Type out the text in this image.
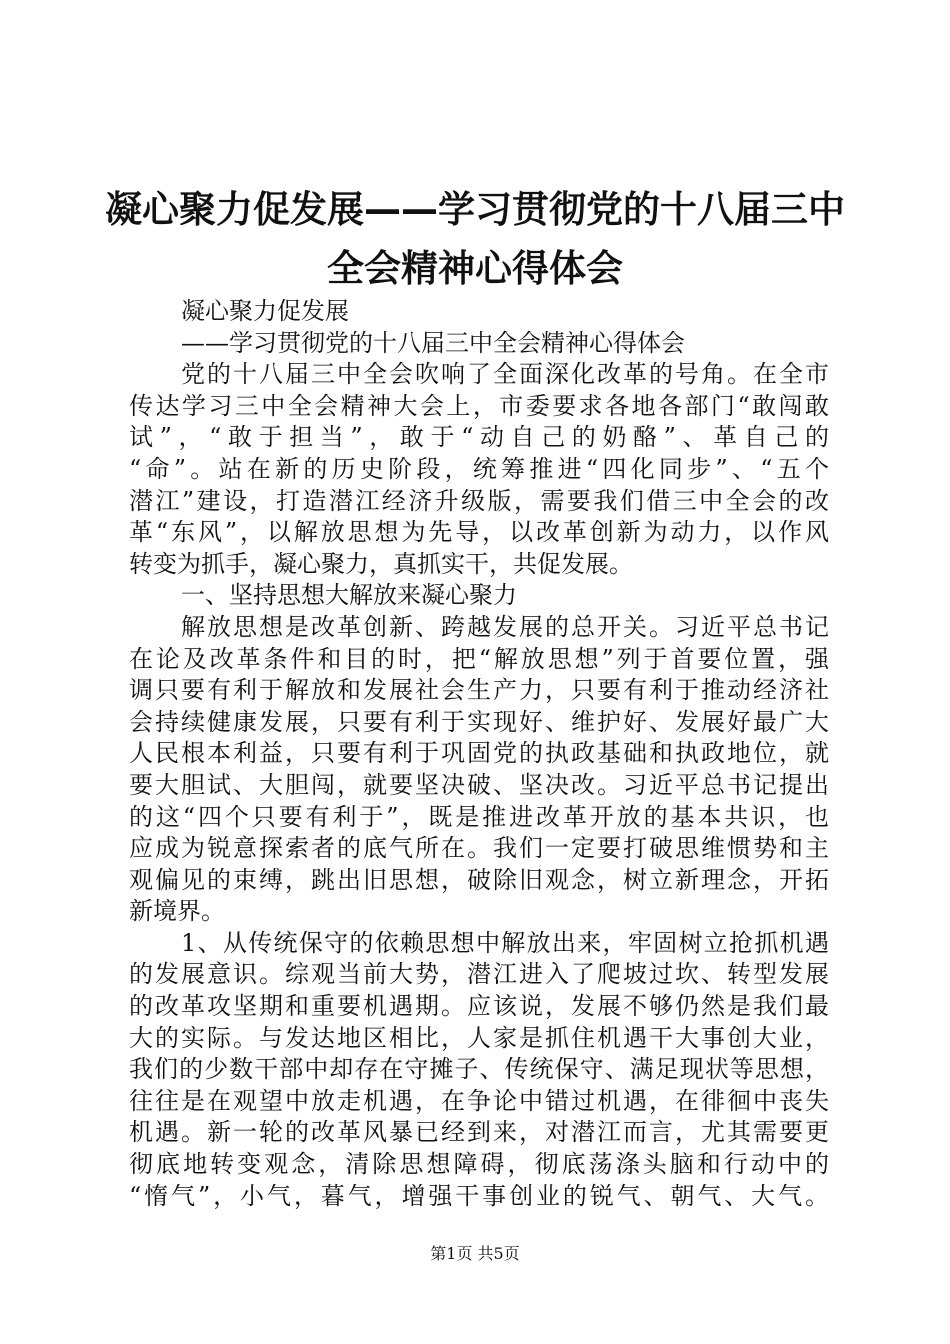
凝心聚力促发展——学习贯彻党的十八届三中
全会精神心得体会
凝心聚力促发展
——学习贯彻党的十八届三中全会精神心得体会
党的十八届三中全会吹响了全面深化改革的号角。在全市
传达学习三中全会精神大会上，市委要求各地各部门“敢闯敢
试”，“敢于担当”，敢于“动自己的奶酪”、革自己的
“命”。站在新的历史阶段，统筹推进“四化同步”、“五个
潜江”建设，打造潜江经济升级版，需要我们借三中全会的改
革“东风”，以解放思想为先导，以改革创新为动力，以作风
转变为抓手，凝心聚力，真抓实干，共促发展。
一、坚持思想大解放来凝心聚力
解放思想是改革创新、跨越发展的总开关。习近平总书记
在论及改革条件和目的时，把“解放思想”列于首要位置，强
调只要有利于解放和发展社会生产力，只要有利于推动经济社
会持续健康发展，只要有利于实现好、维护好、发展好最广大
人民根本利益，只要有利于巩固党的执政基础和执政地位，就
要大胆试、大胆闯，就要坚决破、坚决改。习近平总书记提出
的这“四个只要有利于”，既是推进改革开放的基本共识，也
应成为锐意探索者的底气所在。我们一定要打破思维惯势和主
观偏见的束缚，跳出旧思想，破除旧观念，树立新理念，开拓
新境界。
1、从传统保守的依赖思想中解放出来，牢固树立抢抓机遇
的发展意识。综观当前大势，潜江进入了爬坡过坎、转型发展
的改革攻坚期和重要机遇期。应该说，发展不够仍然是我们最
大的实际。与发达地区相比，人家是抓住机遇干大事创大业，
我们的少数干部中却存在守摊子、传统保守、满足现状等思想，
往往是在观望中放走机遇，在争论中错过机遇，在徘徊中丧失
机遇。新一轮的改革风暴已经到来，对潜江而言，尤其需要更
彻底地转变观念，清除思想障碍，彻底荡涤头脑和行动中的
“惰气”，小气，暮气，增强干事创业的锐气、朝气、大气。
第1页 共5页
